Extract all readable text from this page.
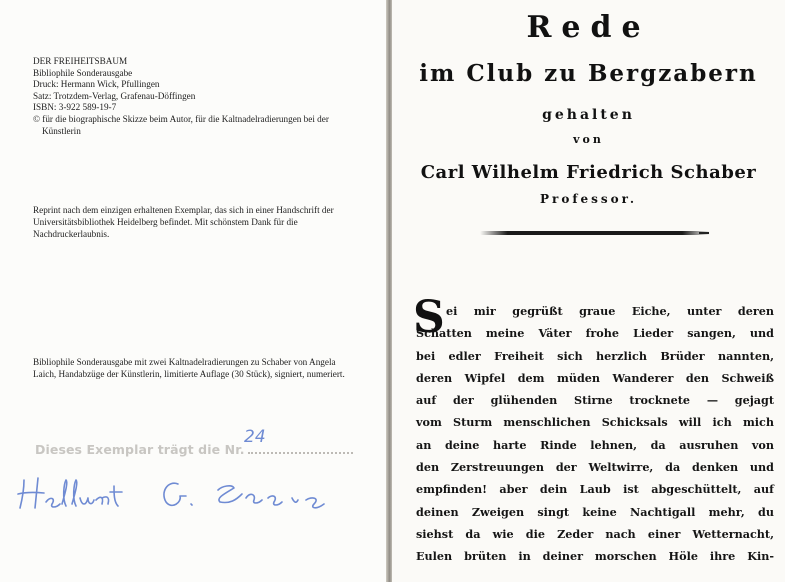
DER FREIHEITSBAUM
Bibliophile Sonderausgabe
Druck: Hermann Wick, Pfullingen
Satz: Trotzdem-Verlag, Grafenau-Döffingen
ISBN: 3-922 589-19-7
© für die biographische Skizze beim Autor, für die Kaltnadelradierungen bei der Künstlerin
Reprint nach dem einzigen erhaltenen Exemplar, das sich in einer Handschrift der Universitätsbibliothek Heidelberg befindet. Mit schönstem Dank für die Nachdruckerlaubnis.
Bibliophile Sonderausgabe mit zwei Kaltnadelradierungen zu Schaber von Angela Laich, Handabzüge der Künstlerin, limitierte Auflage (30 Stück), signiert, numeriert.
Dieses Exemplar trägt die Nr.
24
Rede
im Club zu Bergzabern
gehalten
von
Carl Wilhelm Friedrich Schaber
Professor.
S ei mir gegrüßt graue Eiche, unter deren
Schatten meine Väter frohe Lieder sangen, und
bei edler Freiheit sich herzlich Brüder nannten,
deren Wipfel dem müden Wanderer den Schweiß
auf der glühenden Stirne trocknete — gejagt
vom Sturm menschlichen Schicksals will ich mich
an deine harte Rinde lehnen, da ausruhen von
den Zerstreuungen der Weltwirre, da denken und
empfinden! aber dein Laub ist abgeschüttelt, auf
deinen Zweigen singt keine Nachtigall mehr, du
siehst da wie die Zeder nach einer Wetternacht,
Eulen brüten in deiner morschen Höle ihre Kin-
